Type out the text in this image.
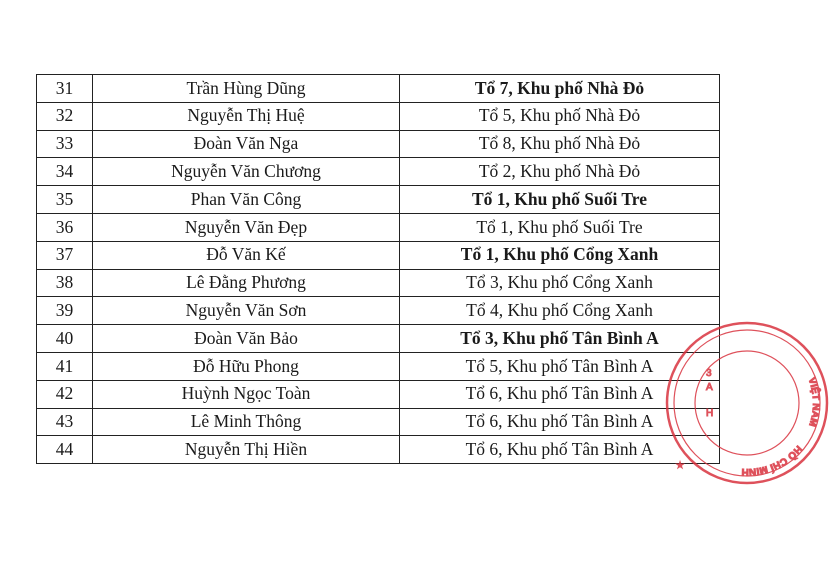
31	Trần Hùng Dũng	Tổ 7, Khu phố Nhà Đỏ
32	Nguyễn Thị Huệ	Tổ 5, Khu phố Nhà Đỏ
33	Đoàn Văn Nga	Tổ 8, Khu phố Nhà Đỏ
34	Nguyễn Văn Chương	Tổ 2, Khu phố Nhà Đỏ
35	Phan Văn Công	Tổ 1, Khu phố Suối Tre
36	Nguyễn Văn Đẹp	Tổ 1, Khu phố Suối Tre
37	Đỗ Văn Kế	Tổ 1, Khu phố Cổng Xanh
38	Lê Đằng Phương	Tổ 3, Khu phố Cổng Xanh
39	Nguyễn Văn Sơn	Tổ 4, Khu phố Cổng Xanh
40	Đoàn Văn Bảo	Tổ 3, Khu phố Tân Bình A
41	Đỗ Hữu Phong	Tổ 5, Khu phố Tân Bình A
42	Huỳnh Ngọc Toàn	Tổ 6, Khu phố Tân Bình A
43	Lê Minh Thông	Tổ 6, Khu phố Tân Bình A
44	Nguyễn Thị Hiền	Tổ 6, Khu phố Tân Bình A
VIỆT NAM
HỒ CHÍ MINH
3
A
H
★
